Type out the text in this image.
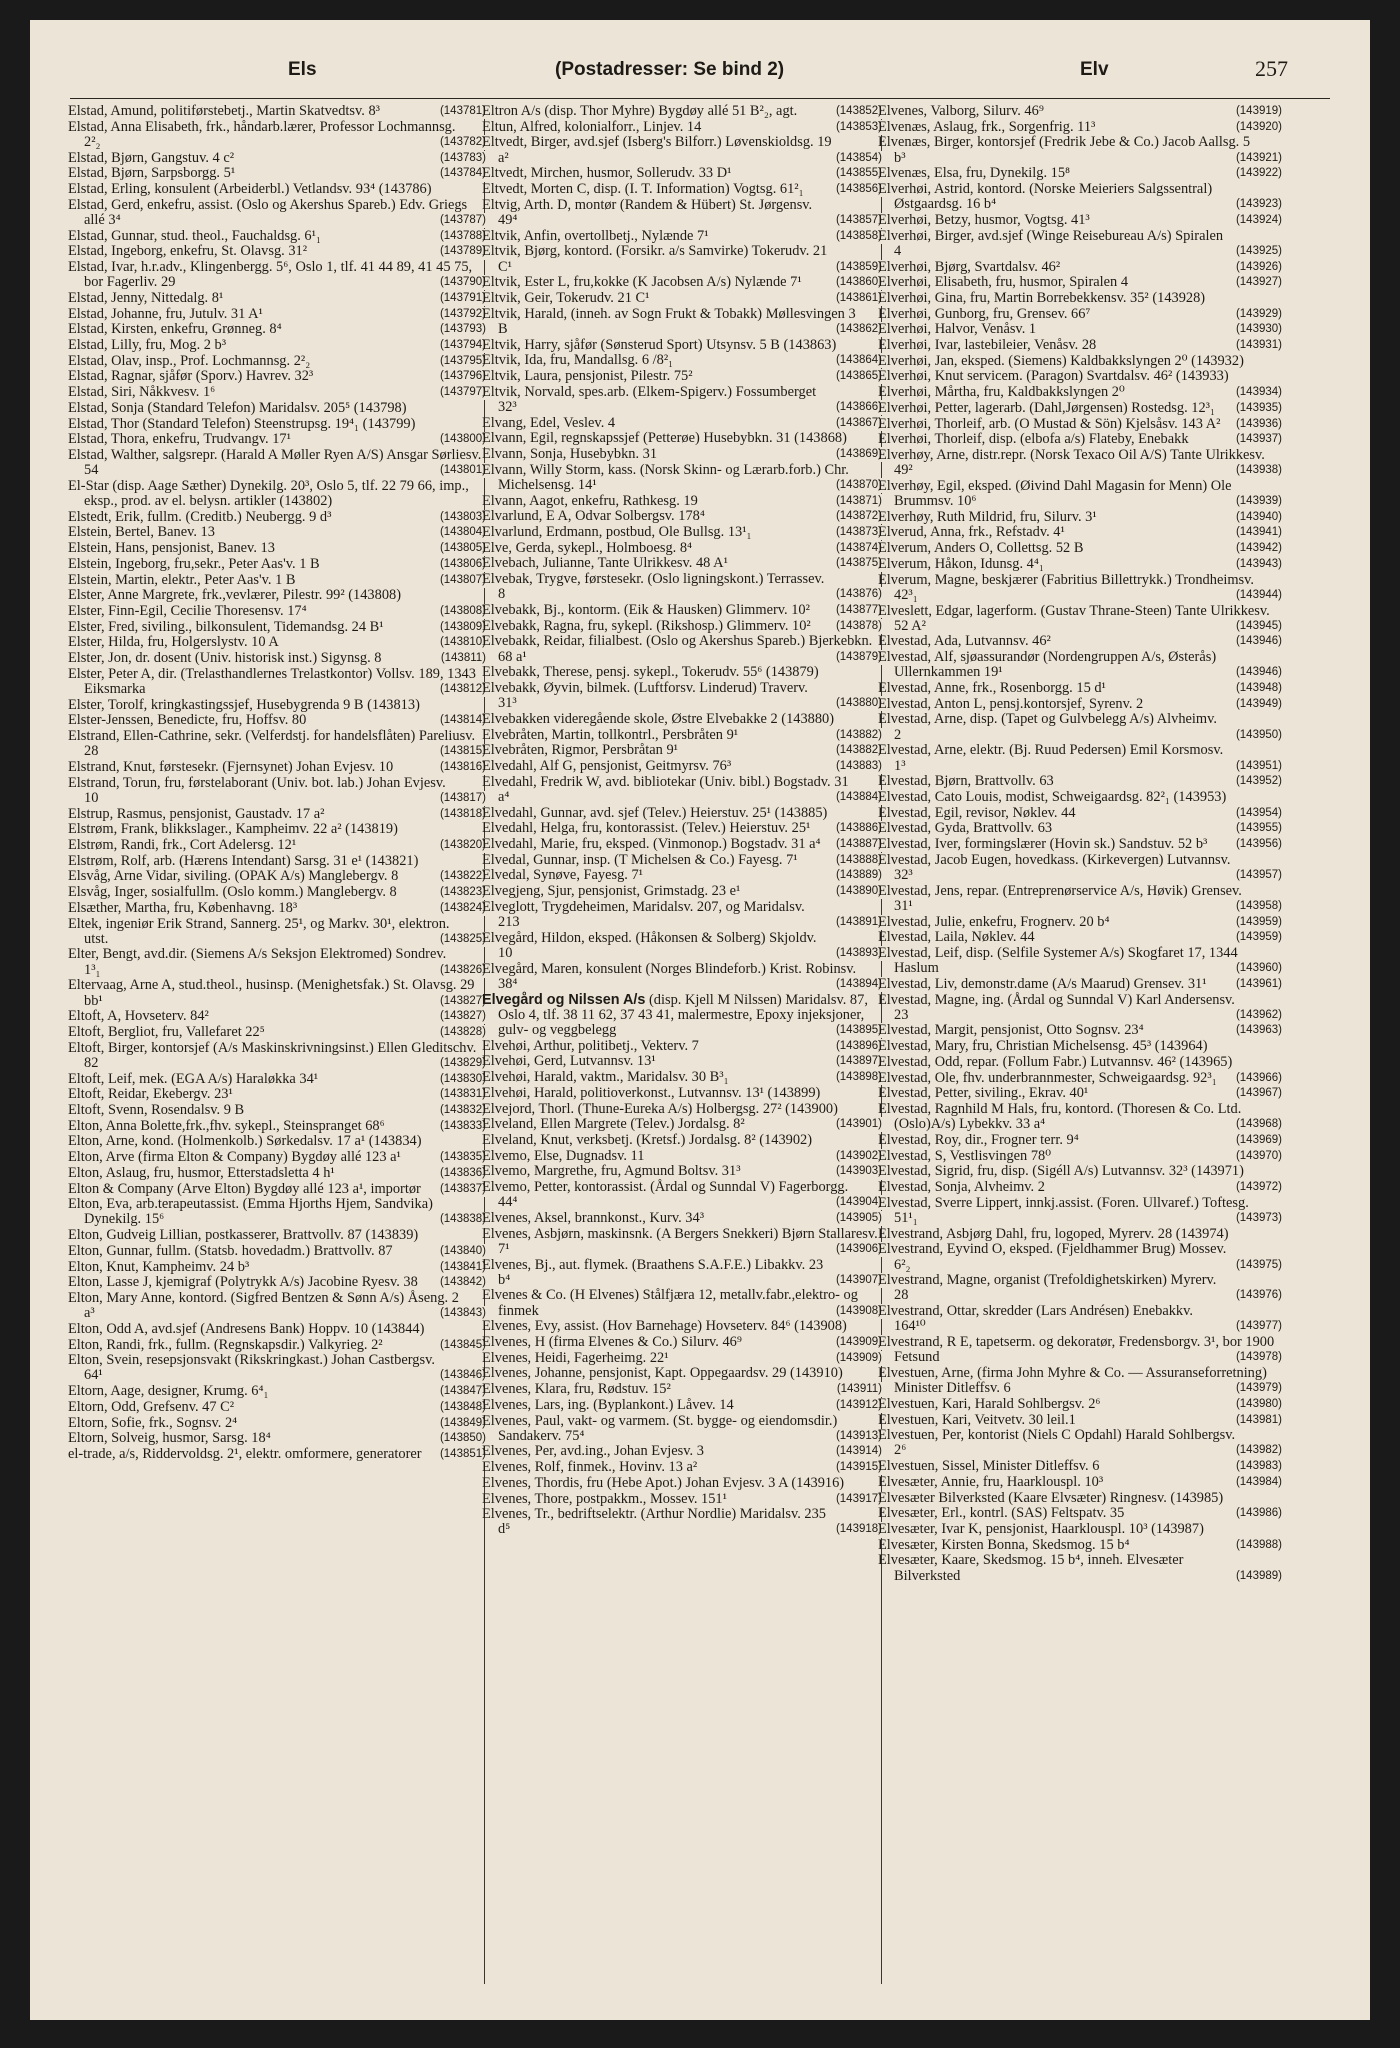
Els	(Postadresser: Se bind 2)	Elv	257
Elstad, Amund, politiførstebetj., Martin Skatvedtsv. 8³	(143781)
Elstad, Anna Elisabeth, frk., håndarb.lærer, Professor Lochmannsg. 2²₂	(143782)
Elstad, Bjørn, Gangstuv. 4 c²	(143783)
Elstad, Bjørn, Sarpsborgg. 5¹	(143784)
Elstad, Erling, konsulent (Arbeiderbl.) Vetlandsv. 93⁴ (143786)
Elstad, Gerd, enkefru, assist. (Oslo og Akershus Spareb.) Edv. Griegs allé 3⁴	(143787)
Elstad, Gunnar, stud. theol., Fauchaldsg. 6¹₁	(143788)
Elstad, Ingeborg, enkefru, St. Olavsg. 31²	(143789)
Elstad, Ivar, h.r.adv., Klingenbergg. 5⁶, Oslo 1, tlf. 41 44 89, 41 45 75, bor Fagerliv. 29	(143790)
Elstad, Jenny, Nittedalg. 8¹	(143791)
Elstad, Johanne, fru, Jutulv. 31 A¹	(143792)
Elstad, Kirsten, enkefru, Grønneg. 8⁴	(143793)
Elstad, Lilly, fru, Mog. 2 b³	(143794)
Elstad, Olav, insp., Prof. Lochmannsg. 2²₂	(143795)
Elstad, Ragnar, sjåfør (Sporv.) Havrev. 32³	(143796)
Elstad, Siri, Nåkkvesv. 1⁶	(143797)
Elstad, Sonja (Standard Telefon) Maridalsv. 205⁵ (143798)
Elstad, Thor (Standard Telefon) Steenstrupsg. 19⁴₁ (143799)
Elstad, Thora, enkefru, Trudvangv. 17¹	(143800)
Elstad, Walther, salgsrepr. (Harald A Møller Ryen A/S) Ansgar Sørliesv. 54	(143801)
El-Star (disp. Aage Sæther) Dynekilg. 20³, Oslo 5, tlf. 22 79 66, imp., eksp., prod. av el. belysn. artikler (143802)
Elstedt, Erik, fullm. (Creditb.) Neubergg. 9 d³	(143803)
Elstein, Bertel, Banev. 13	(143804)
Elstein, Hans, pensjonist, Banev. 13	(143805)
Elstein, Ingeborg, fru,sekr., Peter Aas'v. 1 B	(143806)
Elstein, Martin, elektr., Peter Aas'v. 1 B	(143807)
Elster, Anne Margrete, frk.,vevlærer, Pilestr. 99² (143808)
Elster, Finn-Egil, Cecilie Thoresensv. 17⁴	(143808)
Elster, Fred, siviling., bilkonsulent, Tidemandsg. 24 B¹	(143809)
Elster, Hilda, fru, Holgerslystv. 10 A	(143810)
Elster, Jon, dr. dosent (Univ. historisk inst.) Sigynsg. 8	(143811)
Elster, Peter A, dir. (Trelasthandlernes Trelastkontor) Vollsv. 189, 1343 Eiksmarka	(143812)
Elster, Torolf, kringkastingssjef, Husebygrenda 9 B (143813)
Elster-Jenssen, Benedicte, fru, Hoffsv. 80	(143814)
Elstrand, Ellen-Cathrine, sekr. (Velferdstj. for handelsflåten) Pareliusv. 28	(143815)
Elstrand, Knut, førstesekr. (Fjernsynet) Johan Evjesv. 10	(143816)
Elstrand, Torun, fru, førstelaborant (Univ. bot. lab.) Johan Evjesv. 10	(143817)
Elstrup, Rasmus, pensjonist, Gaustadv. 17 a²	(143818)
Elstrøm, Frank, blikkslager., Kampheimv. 22 a² (143819)
Elstrøm, Randi, frk., Cort Adelersg. 12¹	(143820)
Elstrøm, Rolf, arb. (Hærens Intendant) Sarsg. 31 e¹ (143821)
Elsvåg, Arne Vidar, siviling. (OPAK A/s) Manglebergv. 8	(143822)
Elsvåg, Inger, sosialfullm. (Oslo komm.) Manglebergv. 8	(143823)
Elsæther, Martha, fru, Københavng. 18³	(143824)
Eltek, ingeniør Erik Strand, Sannerg. 25¹, og Markv. 30¹, elektron. utst.	(143825)
Elter, Bengt, avd.dir. (Siemens A/s Seksjon Elektromed) Sondrev. 1³₁	(143826)
Eltervaag, Arne A, stud.theol., husinsp. (Menighetsfak.) St. Olavsg. 29 bb¹	(143827)
Eltoft, A, Hovseterv. 84²	(143827)
Eltoft, Bergliot, fru, Vallefaret 22⁵	(143828)
Eltoft, Birger, kontorsjef (A/s Maskinskrivningsinst.) Ellen Gleditschv. 82	(143829)
Eltoft, Leif, mek. (EGA A/s) Haraløkka 34¹	(143830)
Eltoft, Reidar, Ekebergv. 23¹	(143831)
Eltoft, Svenn, Rosendalsv. 9 B	(143832)
Elton, Anna Bolette,frk.,fhv. sykepl., Steinspranget 68⁶	(143833)
Elton, Arne, kond. (Holmenkolb.) Sørkedalsv. 17 a¹ (143834)
Elton, Arve (firma Elton & Company) Bygdøy allé 123 a¹	(143835)
Elton, Aslaug, fru, husmor, Etterstadsletta 4 h¹	(143836)
Elton & Company (Arve Elton) Bygdøy allé 123 a¹, importør (143837)
Elton, Eva, arb.terapeutassist. (Emma Hjorths Hjem, Sandvika) Dynekilg. 15⁶	(143838)
Elton, Gudveig Lillian, postkasserer, Brattvollv. 87 (143839)
Elton, Gunnar, fullm. (Statsb. hovedadm.) Brattvollv. 87	(143840)
Elton, Knut, Kampheimv. 24 b³	(143841)
Elton, Lasse J, kjemigraf (Polytrykk A/s) Jacobine Ryesv. 38 (143842)
Elton, Mary Anne, kontord. (Sigfred Bentzen & Sønn A/s) Åseng. 2 a³	(143843)
Elton, Odd A, avd.sjef (Andresens Bank) Hoppv. 10 (143844)
Elton, Randi, frk., fullm. (Regnskapsdir.) Valkyrieg. 2²	(143845)
Elton, Svein, resepsjonsvakt (Rikskringkast.) Johan Castbergsv. 64¹	(143846)
Eltorn, Aage, designer, Krumg. 6⁴₁	(143847)
Eltorn, Odd, Grefsenv. 47 C²	(143848)
Eltorn, Sofie, frk., Sognsv. 2⁴	(143849)
Eltorn, Solveig, husmor, Sarsg. 18⁴	(143850)
el-trade, a/s, Riddervoldsg. 2¹, elektr. omformere, generatorer (143851)
Eltron A/s (disp. Thor Myhre) Bygdøy allé 51 B²₂, agt.	(143852)
Eltun, Alfred, kolonialforr., Linjev. 14	(143853)
Eltvedt, Birger, avd.sjef (Isberg's Bilforr.) Løvenskioldsg. 19 a²	(143854)
Eltvedt, Mirchen, husmor, Sollerudv. 33 D¹	(143855)
Eltvedt, Morten C, disp. (I. T. Information) Vogtsg. 61²₁	(143856)
Eltvig, Arth. D, montør (Randem & Hübert) St. Jørgensv. 49⁴	(143857)
Eltvik, Anfin, overtollbetj., Nylænde 7¹	(143858)
Eltvik, Bjørg, kontord. (Forsikr. a/s Samvirke) Tokerudv. 21 C¹	(143859)
Eltvik, Ester L, fru,kokke (K Jacobsen A/s) Nylænde 7¹	(143860)
Eltvik, Geir, Tokerudv. 21 C¹	(143861)
Eltvik, Harald, (inneh. av Sogn Frukt & Tobakk) Møllesvingen 3 B	(143862)
Eltvik, Harry, sjåfør (Sønsterud Sport) Utsynsv. 5 B (143863)
Eltvik, Ida, fru, Mandallsg. 6 /8²₁	(143864)
Eltvik, Laura, pensjonist, Pilestr. 75²	(143865)
Eltvik, Norvald, spes.arb. (Elkem-Spigerv.) Fossumberget 32³	(143866)
Elvang, Edel, Veslev. 4	(143867)
Elvann, Egil, regnskapssjef (Petterøe) Husebybkn. 31 (143868)
Elvann, Sonja, Husebybkn. 31	(143869)
Elvann, Willy Storm, kass. (Norsk Skinn- og Lærarb.forb.) Chr. Michelsensg. 14¹	(143870)
Elvann, Aagot, enkefru, Rathkesg. 19	(143871)
Elvarlund, E A, Odvar Solbergsv. 178⁴	(143872)
Elvarlund, Erdmann, postbud, Ole Bullsg. 13¹₁	(143873)
Elve, Gerda, sykepl., Holmboesg. 8⁴	(143874)
Elvebach, Julianne, Tante Ulrikkesv. 48 A¹	(143875)
Elvebak, Trygve, førstesekr. (Oslo ligningskont.) Terrassev. 8	(143876)
Elvebakk, Bj., kontorm. (Eik & Hausken) Glimmerv. 10² (143877)
Elvebakk, Ragna, fru, sykepl. (Rikshosp.) Glimmerv. 10² (143878)
Elvebakk, Reidar, filialbest. (Oslo og Akershus Spareb.) Bjerkebkn. 68 a¹	(143879)
Elvebakk, Therese, pensj. sykepl., Tokerudv. 55⁶ (143879)
Elvebakk, Øyvin, bilmek. (Luftforsv. Linderud) Traverv. 31³	(143880)
Elvebakken videregående skole, Østre Elvebakke 2 (143880)
Elvebråten, Martin, tollkontrl., Persbråten 9¹	(143882)
Elvebråten, Rigmor, Persbråtan 9¹	(143882)
Elvedahl, Alf G, pensjonist, Geitmyrsv. 76³	(143883)
Elvedahl, Fredrik W, avd. bibliotekar (Univ. bibl.) Bogstadv. 31 a⁴	(143884)
Elvedahl, Gunnar, avd. sjef (Telev.) Heierstuv. 25¹ (143885)
Elvedahl, Helga, fru, kontorassist. (Telev.) Heierstuv. 25¹ (143886)
Elvedahl, Marie, fru, eksped. (Vinmonop.) Bogstadv. 31 a⁴ (143887)
Elvedal, Gunnar, insp. (T Michelsen & Co.) Fayesg. 7¹	(143888)
Elvedal, Synøve, Fayesg. 7¹	(143889)
Elvegjeng, Sjur, pensjonist, Grimstadg. 23 e¹	(143890)
Elveglott, Trygdeheimen, Maridalsv. 207, og Maridalsv. 213	(143891)
Elvegård, Hildon, eksped. (Håkonsen & Solberg) Skjoldv. 10	(143893)
Elvegård, Maren, konsulent (Norges Blindeforb.) Krist. Robinsv. 38⁴	(143894)
Elvegård og Nilssen A/s (disp. Kjell M Nilssen) Maridalsv. 87, Oslo 4, tlf. 38 11 62, 37 43 41, malermestre, Epoxy injeksjoner, gulv- og veggbelegg	(143895)
Elvehøi, Arthur, politibetj., Vekterv. 7	(143896)
Elvehøi, Gerd, Lutvannsv. 13¹	(143897)
Elvehøi, Harald, vaktm., Maridalsv. 30 B³₁	(143898)
Elvehøi, Harald, politioverkonst., Lutvannsv. 13¹ (143899)
Elvejord, Thorl. (Thune-Eureka A/s) Holbergsg. 27² (143900)
Elveland, Ellen Margrete (Telev.) Jordalsg. 8²	(143901)
Elveland, Knut, verksbetj. (Kretsf.) Jordalsg. 8² (143902)
Elvemo, Else, Dugnadsv. 11	(143902)
Elvemo, Margrethe, fru, Agmund Boltsv. 31³	(143903)
Elvemo, Petter, kontorassist. (Årdal og Sunndal V) Fagerborgg. 44⁴	(143904)
Elvenes, Aksel, brannkonst., Kurv. 34³	(143905)
Elvenes, Asbjørn, maskinsnk. (A Bergers Snekkeri) Bjørn Stallaresv. 7¹	(143906)
Elvenes, Bj., aut. flymek. (Braathens S.A.F.E.) Libakkv. 23 b⁴	(143907)
Elvenes & Co. (H Elvenes) Stålfjæra 12, metallv.fabr.,elektro- og finmek	(143908)
Elvenes, Evy, assist. (Hov Barnehage) Hovseterv. 84⁶ (143908)
Elvenes, H (firma Elvenes & Co.) Silurv. 46⁹	(143909)
Elvenes, Heidi, Fagerheimg. 22¹	(143909)
Elvenes, Johanne, pensjonist, Kapt. Oppegaardsv. 29 (143910)
Elvenes, Klara, fru, Rødstuv. 15²	(143911)
Elvenes, Lars, ing. (Byplankont.) Låvev. 14	(143912)
Elvenes, Paul, vakt- og varmem. (St. bygge- og eiendomsdir.) Sandakerv. 75⁴	(143913)
Elvenes, Per, avd.ing., Johan Evjesv. 3	(143914)
Elvenes, Rolf, finmek., Hovinv. 13 a²	(143915)
Elvenes, Thordis, fru (Hebe Apot.) Johan Evjesv. 3 A (143916)
Elvenes, Thore, postpakkm., Mossev. 151¹	(143917)
Elvenes, Tr., bedriftselektr. (Arthur Nordlie) Maridalsv. 235 d⁵	(143918)
Elvenes, Valborg, Silurv. 46⁹	(143919)
Elvenæs, Aslaug, frk., Sorgenfrig. 11³	(143920)
Elvenæs, Birger, kontorsjef (Fredrik Jebe & Co.) Jacob Aallsg. 5 b³	(143921)
Elvenæs, Elsa, fru, Dynekilg. 15⁸	(143922)
Elverhøi, Astrid, kontord. (Norske Meieriers Salgssentral) Østgaardsg. 16 b⁴	(143923)
Elverhøi, Betzy, husmor, Vogtsg. 41³	(143924)
Elverhøi, Birger, avd.sjef (Winge Reisebureau A/s) Spiralen 4	(143925)
Elverhøi, Bjørg, Svartdalsv. 46²	(143926)
Elverhøi, Elisabeth, fru, husmor, Spiralen 4	(143927)
Elverhøi, Gina, fru, Martin Borrebekkensv. 35² (143928)
Elverhøi, Gunborg, fru, Grensev. 66⁷	(143929)
Elverhøi, Halvor, Venåsv. 1	(143930)
Elverhøi, Ivar, lastebileier, Venåsv. 28	(143931)
Elverhøi, Jan, eksped. (Siemens) Kaldbakkslyngen 2⁰ (143932)
Elverhøi, Knut servicem. (Paragon) Svartdalsv. 46² (143933)
Elverhøi, Mårtha, fru, Kaldbakkslyngen 2⁰	(143934)
Elverhøi, Petter, lagerarb. (Dahl,Jørgensen) Rostedsg. 12³₁ (143935)
Elverhøi, Thorleif, arb. (O Mustad & Sön) Kjelsåsv. 143 A² (143936)
Elverhøi, Thorleif, disp. (elbofa a/s) Flateby, Enebakk	(143937)
Elverhøy, Arne, distr.repr. (Norsk Texaco Oil A/S) Tante Ulrikkesv. 49²	(143938)
Elverhøy, Egil, eksped. (Øivind Dahl Magasin for Menn) Ole Brummsv. 10⁶	(143939)
Elverhøy, Ruth Mildrid, fru, Silurv. 3¹	(143940)
Elverud, Anna, frk., Refstadv. 4¹	(143941)
Elverum, Anders O, Collettsg. 52 B	(143942)
Elverum, Håkon, Idunsg. 4⁴₁	(143943)
Elverum, Magne, beskjærer (Fabritius Billettrykk.) Trondheimsv. 42³₁	(143944)
Elveslett, Edgar, lagerform. (Gustav Thrane-Steen) Tante Ulrikkesv. 52 A²	(143945)
Elvestad, Ada, Lutvannsv. 46²	(143946)
Elvestad, Alf, sjøassurandør (Nordengruppen A/s, Østerås) Ullernkammen 19¹	(143946)
Elvestad, Anne, frk., Rosenborgg. 15 d¹	(143948)
Elvestad, Anton L, pensj.kontorsjef, Syrenv. 2	(143949)
Elvestad, Arne, disp. (Tapet og Gulvbelegg A/s) Alvheimv. 2	(143950)
Elvestad, Arne, elektr. (Bj. Ruud Pedersen) Emil Korsmosv. 1³	(143951)
Elvestad, Bjørn, Brattvollv. 63	(143952)
Elvestad, Cato Louis, modist, Schweigaardsg. 82²₁ (143953)
Elvestad, Egil, revisor, Nøklev. 44	(143954)
Elvestad, Gyda, Brattvollv. 63	(143955)
Elvestad, Iver, formingslærer (Hovin sk.) Sandstuv. 52 b³ (143956)
Elvestad, Jacob Eugen, hovedkass. (Kirkevergen) Lutvannsv. 32³	(143957)
Elvestad, Jens, repar. (Entreprenørservice A/s, Høvik) Grensev. 31¹	(143958)
Elvestad, Julie, enkefru, Frognerv. 20 b⁴	(143959)
Elvestad, Laila, Nøklev. 44	(143959)
Elvestad, Leif, disp. (Selfile Systemer A/s) Skogfaret 17, 1344 Haslum	(143960)
Elvestad, Liv, demonstr.dame (A/s Maarud) Grensev. 31¹	(143961)
Elvestad, Magne, ing. (Årdal og Sunndal V) Karl Andersensv. 23	(143962)
Elvestad, Margit, pensjonist, Otto Sognsv. 23⁴	(143963)
Elvestad, Mary, fru, Christian Michelsensg. 45³ (143964)
Elvestad, Odd, repar. (Follum Fabr.) Lutvannsv. 46² (143965)
Elvestad, Ole, fhv. underbrannmester, Schweigaardsg. 92³₁ (143966)
Elvestad, Petter, siviling., Ekrav. 40¹	(143967)
Elvestad, Ragnhild M Hals, fru, kontord. (Thoresen & Co. Ltd.(Oslo)A/s) Lybekkv. 33 a⁴	(143968)
Elvestad, Roy, dir., Frogner terr. 9⁴	(143969)
Elvestad, S, Vestlisvingen 78⁰	(143970)
Elvestad, Sigrid, fru, disp. (Sigéll A/s) Lutvannsv. 32³ (143971)
Elvestad, Sonja, Alvheimv. 2	(143972)
Elvestad, Sverre Lippert, innkj.assist. (Foren. Ullvaref.) Toftesg. 51¹₁	(143973)
Elvestrand, Asbjørg Dahl, fru, logoped, Myrerv. 28 (143974)
Elvestrand, Eyvind O, eksped. (Fjeldhammer Brug) Mossev. 6²₂	(143975)
Elvestrand, Magne, organist (Trefoldighetskirken) Myrerv. 28	(143976)
Elvestrand, Ottar, skredder (Lars Andrésen) Enebakkv. 164¹⁰	(143977)
Elvestrand, R E, tapetserm. og dekoratør, Fredensborgv. 3¹, bor 1900 Fetsund	(143978)
Elvestuen, Arne, (firma John Myhre & Co. — Assuranseforretning) Minister Ditleffsv. 6	(143979)
Elvestuen, Kari, Harald Sohlbergsv. 2⁶	(143980)
Elvestuen, Kari, Veitvetv. 30 leil.1	(143981)
Elvestuen, Per, kontorist (Niels C Opdahl) Harald Sohlbergsv. 2⁶	(143982)
Elvestuen, Sissel, Minister Ditleffsv. 6	(143983)
Elvesæter, Annie, fru, Haarklouspl. 10³	(143984)
Elvesæter Bilverksted (Kaare Elvsæter) Ringnesv. (143985)
Elvesæter, Erl., kontrl. (SAS) Feltspatv. 35	(143986)
Elvesæter, Ivar K, pensjonist, Haarklouspl. 10³ (143987)
Elvesæter, Kirsten Bonna, Skedsmog. 15 b⁴	(143988)
Elvesæter, Kaare, Skedsmog. 15 b⁴, inneh. Elvesæter Bilverksted	(143989)
